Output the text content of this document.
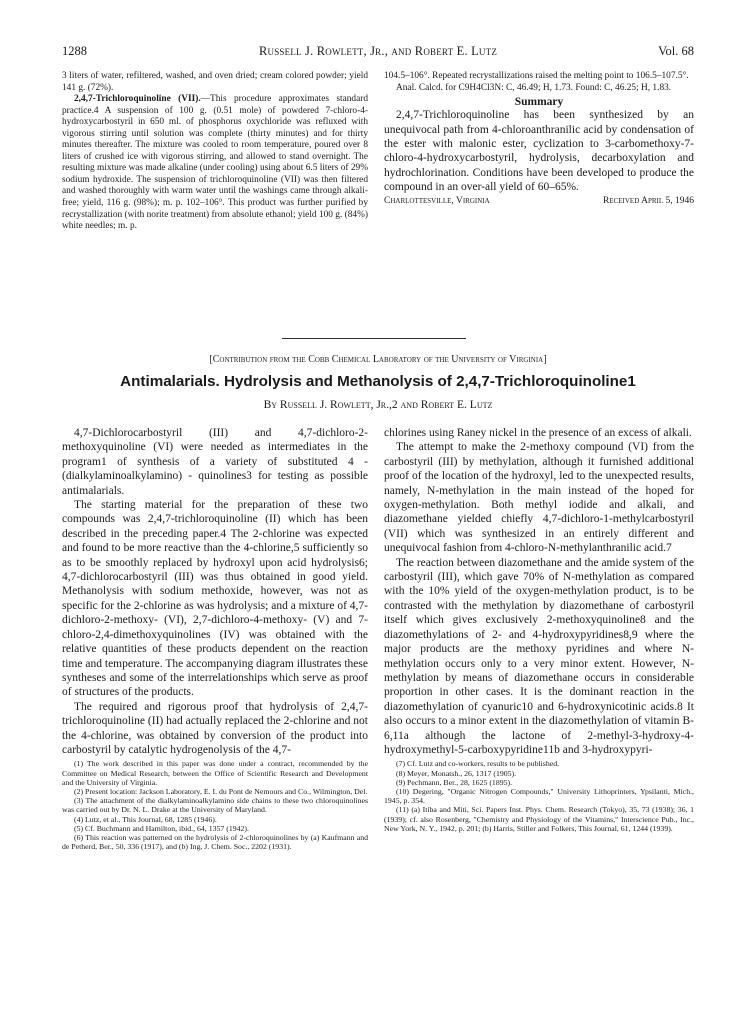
1288	Russell J. Rowlett, Jr., and Robert E. Lutz	Vol. 68

3 liters of water, refiltered, washed, and oven dried; cream colored powder; yield 141 g. (72%).

2,4,7-Trichloroquinoline (VII).—This procedure approximates standard practice.4 A suspension of 100 g. (0.51 mole) of powdered 7-chloro-4-hydroxycarbostyril in 650 ml. of phosphorus oxychloride was refluxed with vigorous stirring until solution was complete (thirty minutes) and for thirty minutes thereafter. The mixture was cooled to room temperature, poured over 8 liters of crushed ice with vigorous stirring, and allowed to stand overnight. The resulting mixture was made alkaline (under cooling) using about 6.5 liters of 29% sodium hydroxide. The suspension of trichloroquinoline (VII) was then filtered and washed thoroughly with warm water until the washings came through alkali-free; yield, 116 g. (98%); m. p. 102–106°. This product was further purified by recrystallization (with norite treatment) from absolute ethanol; yield 100 g. (84%) white needles; m. p.

104.5–106°. Repeated recrystallizations raised the melting point to 106.5–107.5°.

Anal. Calcd. for C9H4Cl3N: C, 46.49; H, 1.73. Found: C, 46.25; H, 1.83.

Summary

2,4,7-Trichloroquinoline has been synthesized by an unequivocal path from 4-chloroanthranilic acid by condensation of the ester with malonic ester, cyclization to 3-carbomethoxy-7-chloro-4-hydroxycarbostyril, hydrolysis, decarboxylation and hydrochlorination. Conditions have been developed to produce the compound in an over-all yield of 60–65%.

Charlottesville, Virginia	Received April 5, 1946
[Contribution from the Cobb Chemical Laboratory of the University of Virginia]
Antimalarials. Hydrolysis and Methanolysis of 2,4,7-Trichloroquinoline1
By Russell J. Rowlett, Jr.,2 and Robert E. Lutz

4,7-Dichlorocarbostyril (III) and 4,7-dichloro-2-methoxyquinoline (VI) were needed as intermediates in the program1 of synthesis of a variety of substituted 4 - (dialkylaminoalkylamino) - quinolines3 for testing as possible antimalarials.

The starting material for the preparation of these two compounds was 2,4,7-trichloroquinoline (II) which has been described in the preceding paper.4 The 2-chlorine was expected and found to be more reactive than the 4-chlorine,5 sufficiently so as to be smoothly replaced by hydroxyl upon acid hydrolysis6; 4,7-dichlorocarbostyril (III) was thus obtained in good yield. Methanolysis with sodium methoxide, however, was not as specific for the 2-chlorine as was hydrolysis; and a mixture of 4,7-dichloro-2-methoxy- (VI), 2,7-dichloro-4-methoxy- (V) and 7-chloro-2,4-dimethoxyquinolines (IV) was obtained with the relative quantities of these products dependent on the reaction time and temperature. The accompanying diagram illustrates these syntheses and some of the interrelationships which serve as proof of structures of the products.

The required and rigorous proof that hydrolysis of 2,4,7-trichloroquinoline (II) had actually replaced the 2-chlorine and not the 4-chlorine, was obtained by conversion of the product into carbostyril by catalytic hydrogenolysis of the 4,7-

(1) The work described in this paper was done under a contract, recommended by the Committee on Medical Research, between the Office of Scientific Research and Development and the University of Virginia.

(2) Present location: Jackson Laboratory, E. I. du Pont de Nemours and Co., Wilmington, Del.

(3) The attachment of the dialkylaminoalkylamino side chains to these two chloroquinolines was carried out by Dr. N. L. Drake at the University of Maryland.

(4) Lutz, et al., This Journal, 68, 1285 (1946).

(5) Cf. Buchmann and Hamilton, ibid., 64, 1357 (1942).

(6) This reaction was patterned on the hydrolysis of 2-chloroquinolines by (a) Kaufmann and de Petherd, Ber., 50, 336 (1917), and (b) Ing, J. Chem. Soc., 2202 (1931).

chlorines using Raney nickel in the presence of an excess of alkali.

The attempt to make the 2-methoxy compound (VI) from the carbostyril (III) by methylation, although it furnished additional proof of the location of the hydroxyl, led to the unexpected results, namely, N-methylation in the main instead of the hoped for oxygen-methylation. Both methyl iodide and alkali, and diazomethane yielded chiefly 4,7-dichloro-1-methylcarbostyril (VII) which was synthesized in an entirely different and unequivocal fashion from 4-chloro-N-methylanthranilic acid.7

The reaction between diazomethane and the amide system of the carbostyril (III), which gave 70% of N-methylation as compared with the 10% yield of the oxygen-methylation product, is to be contrasted with the methylation by diazomethane of carbostyril itself which gives exclusively 2-methoxyquinoline8 and the diazomethylations of 2- and 4-hydroxypyridines8,9 where the major products are the methoxy pyridines and where N-methylation occurs only to a very minor extent. However, N-methylation by means of diazomethane occurs in considerable proportion in other cases. It is the dominant reaction in the diazomethylation of cyanuric10 and 6-hydroxynicotinic acids.8 It also occurs to a minor extent in the diazomethylation of vitamin B-6,11a although the lactone of 2-methyl-3-hydroxy-4-hydroxymethyl-5-carboxypyridine11b and 3-hydroxypyri-

(7) Cf. Lutz and co-workers, results to be published.

(8) Meyer, Monatsh., 26, 1317 (1905).

(9) Pechmann, Ber., 28, 1625 (1895).

(10) Degering, "Organic Nitrogen Compounds," University Lithoprinters, Ypsilanti, Mich., 1945, p. 354.

(11) (a) Itiba and Miti, Sci. Papers Inst. Phys. Chem. Research (Tokyo), 35, 73 (1938); 36, 1 (1939); cf. also Rosenberg, "Chemistry and Physiology of the Vitamins," Interscience Pub., Inc., New York, N. Y., 1942, p. 201; (b) Harris, Stiller and Folkers, This Journal, 61, 1244 (1939).
